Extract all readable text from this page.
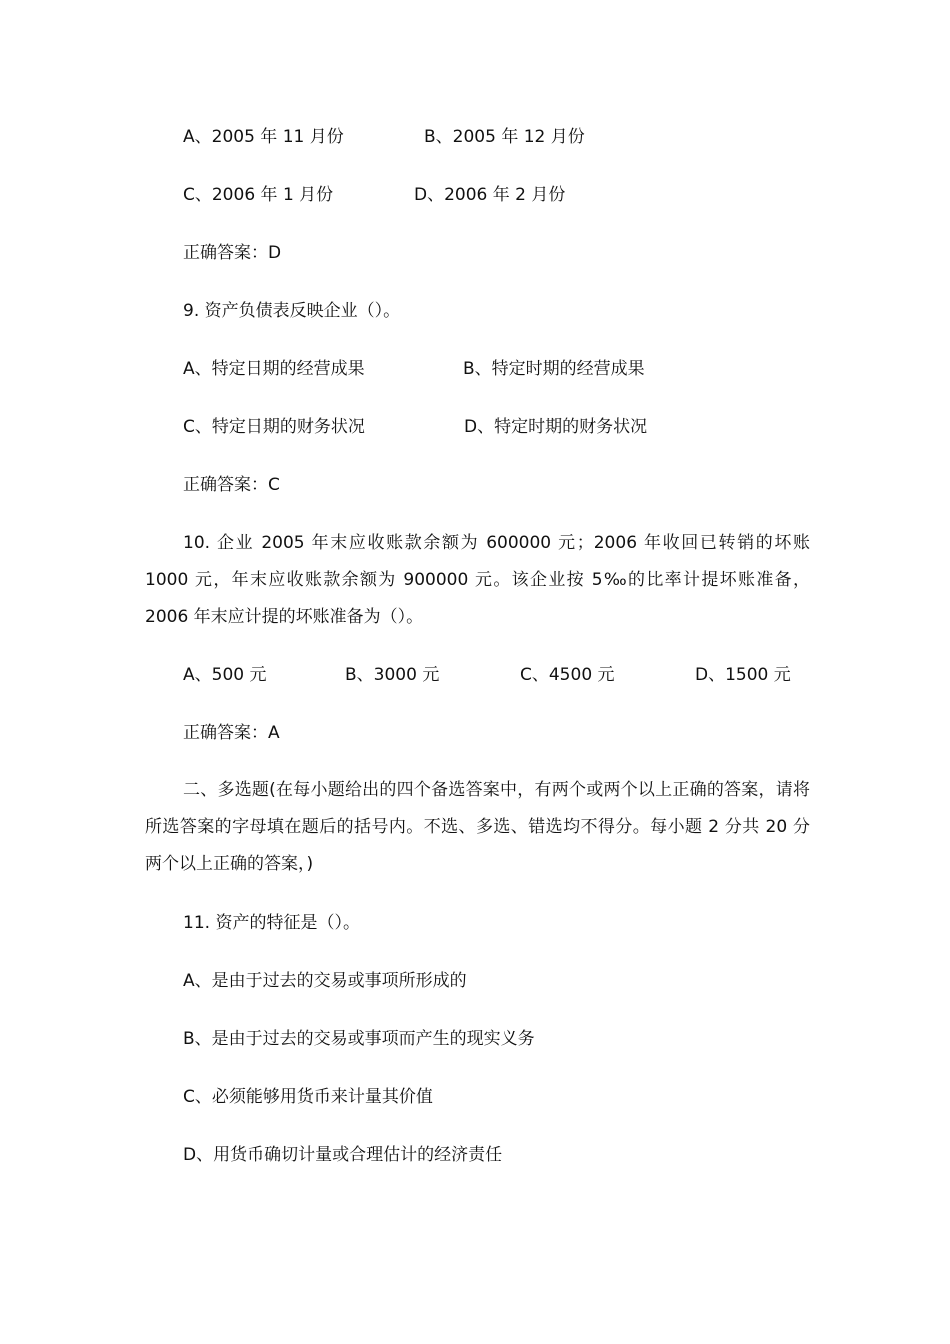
A、2005 年 11 月份	B、2005 年 12 月份
C、2006 年 1 月份	D、2006 年 2 月份
正确答案：D
9. 资产负债表反映企业（）。
A、特定日期的经营成果	B、特定时期的经营成果
C、特定日期的财务状况	D、特定时期的财务状况
正确答案：C
10. 企业 2005 年末应收账款余额为 600000 元；2006 年收回已转销的坏账 1000 元，年末应收账款余额为 900000 元。该企业按 5‰的比率计提坏账准备，2006 年末应计提的坏账准备为（）。
A、500 元	B、3000 元	C、4500 元	D、1500 元
正确答案：A
二、多选题(在每小题给出的四个备选答案中，有两个或两个以上正确的答案，请将所选答案的字母填在题后的括号内。不选、多选、错选均不得分。每小题 2 分共 20 分两个以上正确的答案，)
11. 资产的特征是（）。
A、是由于过去的交易或事项所形成的
B、是由于过去的交易或事项而产生的现实义务
C、必须能够用货币来计量其价值
D、用货币确切计量或合理估计的经济责任
